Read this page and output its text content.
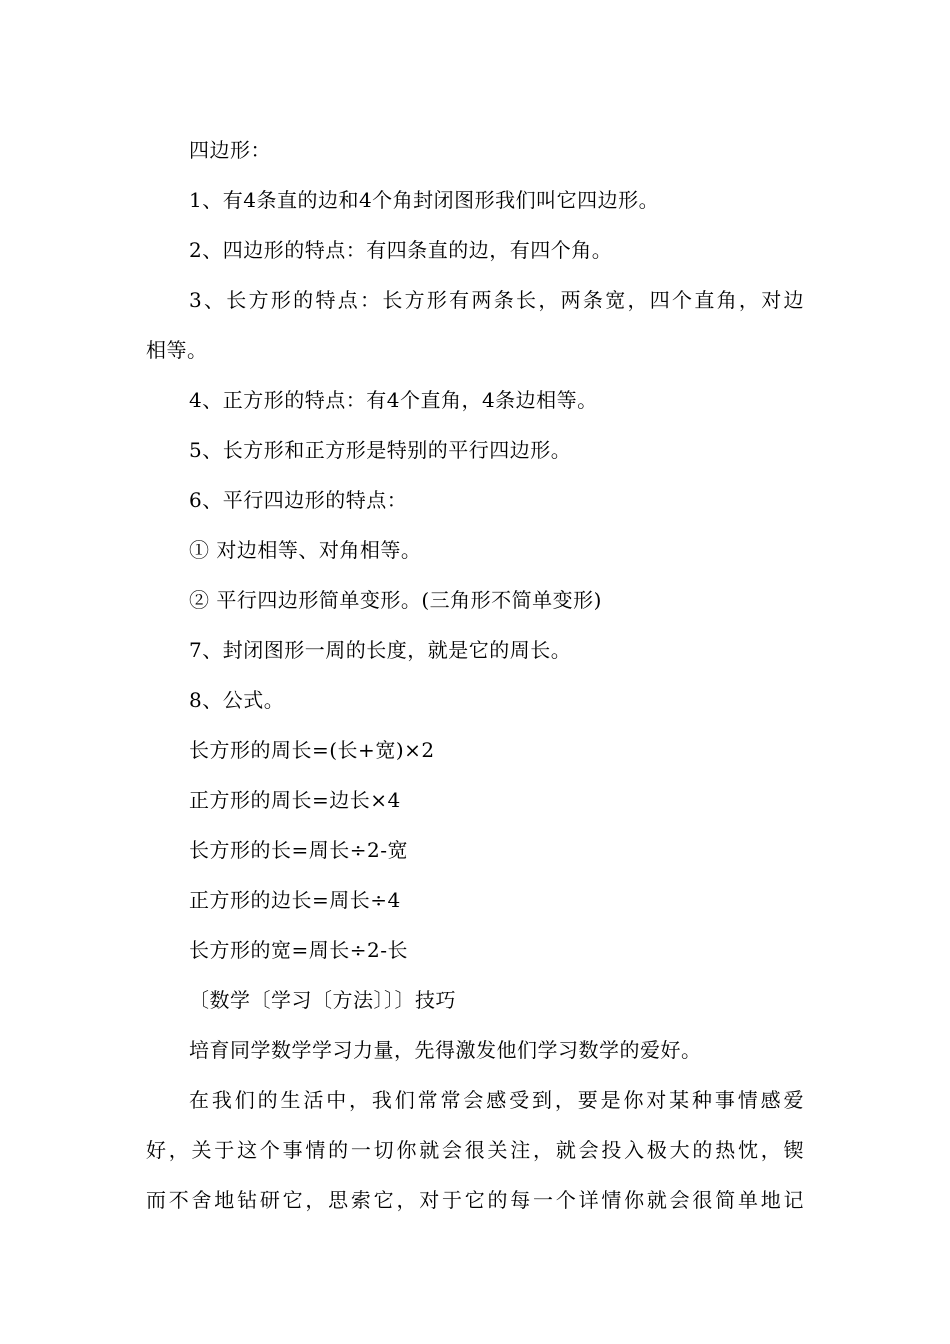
四边形：
1、有4条直的边和4个角封闭图形我们叫它四边形。
2、四边形的特点：有四条直的边，有四个角。
3、长方形的特点：长方形有两条长，两条宽，四个直角，对边
相等。
4、正方形的特点：有4个直角，4条边相等。
5、长方形和正方形是特别的平行四边形。
6、平行四边形的特点：
① 对边相等、对角相等。
② 平行四边形简单变形。(三角形不简单变形)
7、封闭图形一周的长度，就是它的周长。
8、公式。
长方形的周长=(长+宽)×2
正方形的周长=边长×4
长方形的长=周长÷2-宽
正方形的边长=周长÷4
长方形的宽=周长÷2-长
〔数学〔学习〔方法〕〕〕技巧
培育同学数学学习力量，先得激发他们学习数学的爱好。
在我们的生活中，我们常常会感受到，要是你对某种事情感爱
好，关于这个事情的一切你就会很关注，就会投入极大的热忱，锲
而不舍地钻研它，思索它，对于它的每一个详情你就会很简单地记
